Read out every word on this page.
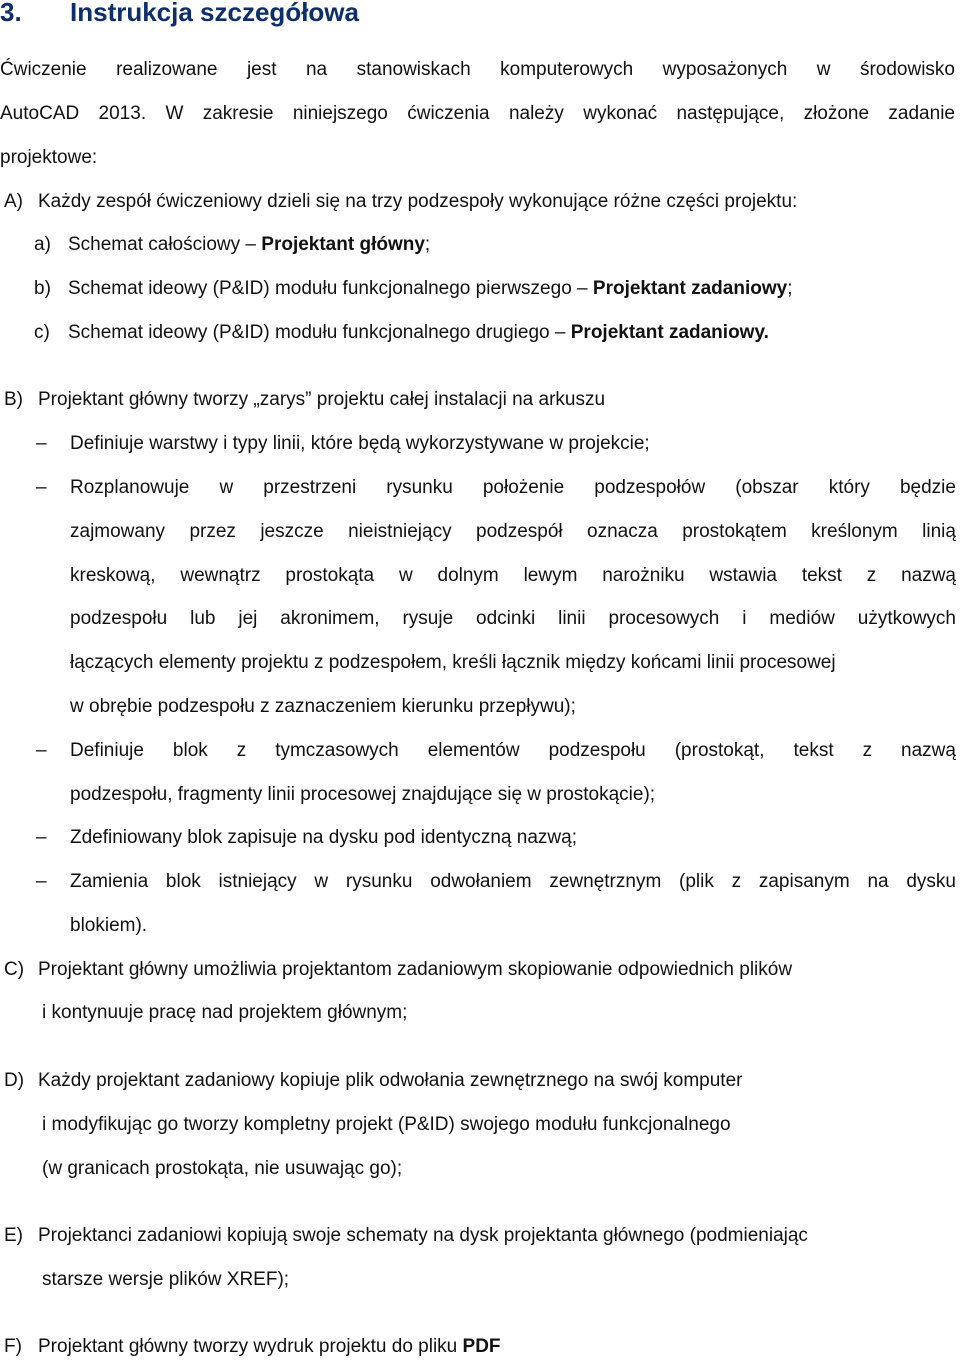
3. Instrukcja szczegółowa
Ćwiczenie realizowane jest na stanowiskach komputerowych wyposażonych w środowisko
AutoCAD 2013. W zakresie niniejszego ćwiczenia należy wykonać następujące, złożone zadanie
projektowe:
A) Każdy zespół ćwiczeniowy dzieli się na trzy podzespoły wykonujące różne części projektu:
a) Schemat całościowy – Projektant główny;
b) Schemat ideowy (P&ID) modułu funkcjonalnego pierwszego – Projektant zadaniowy;
c) Schemat ideowy (P&ID) modułu funkcjonalnego drugiego – Projektant zadaniowy.
B) Projektant główny tworzy „zarys” projektu całej instalacji na arkuszu
– Definiuje warstwy i typy linii, które będą wykorzystywane w projekcie;
– Rozplanowuje w przestrzeni rysunku położenie podzespołów (obszar który będzie
zajmowany przez jeszcze nieistniejący podzespół oznacza prostokątem kreślonym linią
kreskową, wewnątrz prostokąta w dolnym lewym narożniku wstawia tekst z nazwą
podzespołu lub jej akronimem, rysuje odcinki linii procesowych i mediów użytkowych
łączących elementy projektu z podzespołem, kreśli łącznik między końcami linii procesowej
w obrębie podzespołu z zaznaczeniem kierunku przepływu);
– Definiuje blok z tymczasowych elementów podzespołu (prostokąt, tekst z nazwą
podzespołu, fragmenty linii procesowej znajdujące się w prostokącie);
– Zdefiniowany blok zapisuje na dysku pod identyczną nazwą;
– Zamienia blok istniejący w rysunku odwołaniem zewnętrznym (plik z zapisanym na dysku
blokiem).
C) Projektant główny umożliwia projektantom zadaniowym skopiowanie odpowiednich plików
i kontynuuje pracę nad projektem głównym;
D) Każdy projektant zadaniowy kopiuje plik odwołania zewnętrznego na swój komputer
i modyfikując go tworzy kompletny projekt (P&ID) swojego modułu funkcjonalnego
(w granicach prostokąta, nie usuwając go);
E) Projektanci zadaniowi kopiują swoje schematy na dysk projektanta głównego (podmieniając
starsze wersje plików XREF);
F) Projektant główny tworzy wydruk projektu do pliku PDF
